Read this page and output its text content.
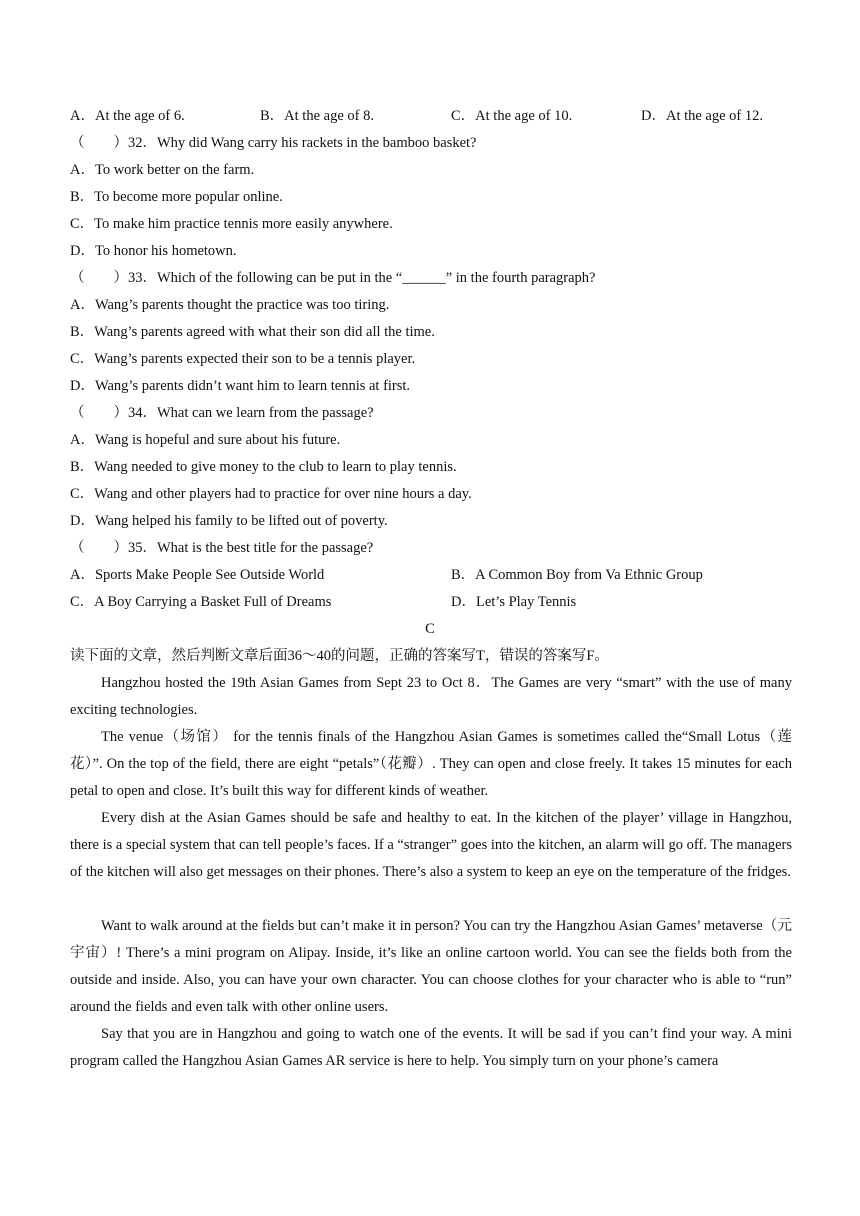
A．At the age of 6.	B．At the age of 8.	C．At the age of 10.	D．At the age of 12.
（　　）32．Why did Wang carry his rackets in the bamboo basket?
A．To work better on the farm.
B．To become more popular online.
C．To make him practice tennis more easily anywhere.
D．To honor his hometown.
（　　）33．Which of the following can be put in the “______” in the fourth paragraph?
A．Wang’s parents thought the practice was too tiring.
B．Wang’s parents agreed with what their son did all the time.
C．Wang’s parents expected their son to be a tennis player.
D．Wang’s parents didn’t want him to learn tennis at first.
（　　）34．What can we learn from the passage?
A．Wang is hopeful and sure about his future.
B．Wang needed to give money to the club to learn to play tennis.
C．Wang and other players had to practice for over nine hours a day.
D．Wang helped his family to be lifted out of poverty.
（　　）35．What is the best title for the passage?
A．Sports Make People See Outside World	B．A Common Boy from Va Ethnic Group
C．A Boy Carrying a Basket Full of Dreams	D．Let’s Play Tennis
C
读下面的文章，然后判断文章后面36～40的问题，正确的答案写T，错误的答案写F。
Hangzhou hosted the 19th Asian Games from Sept 23 to Oct 8．The Games are very “smart” with the use of many exciting technologies.
The venue（场馆） for the tennis finals of the Hangzhou Asian Games is sometimes called the“Small Lotus（莲花）”. On the top of the field, there are eight “petals”（花瓣）. They can open and close freely. It takes 15 minutes for each petal to open and close. It’s built this way for different kinds of weather.
Every dish at the Asian Games should be safe and healthy to eat. In the kitchen of the player’ village in Hangzhou, there is a special system that can tell people’s faces. If a “stranger” goes into the kitchen, an alarm will go off. The managers of the kitchen will also get messages on their phones. There’s also a system to keep an eye on the temperature of the fridges.
Want to walk around at the fields but can’t make it in person? You can try the Hangzhou Asian Games’ metaverse（元宇宙）! There’s a mini program on Alipay. Inside, it’s like an online cartoon world. You can see the fields both from the outside and inside. Also, you can have your own character. You can choose clothes for your character who is able to “run” around the fields and even talk with other online users.
Say that you are in Hangzhou and going to watch one of the events. It will be sad if you can’t find your way. A mini program called the Hangzhou Asian Games AR service is here to help. You simply turn on your phone’s camera
